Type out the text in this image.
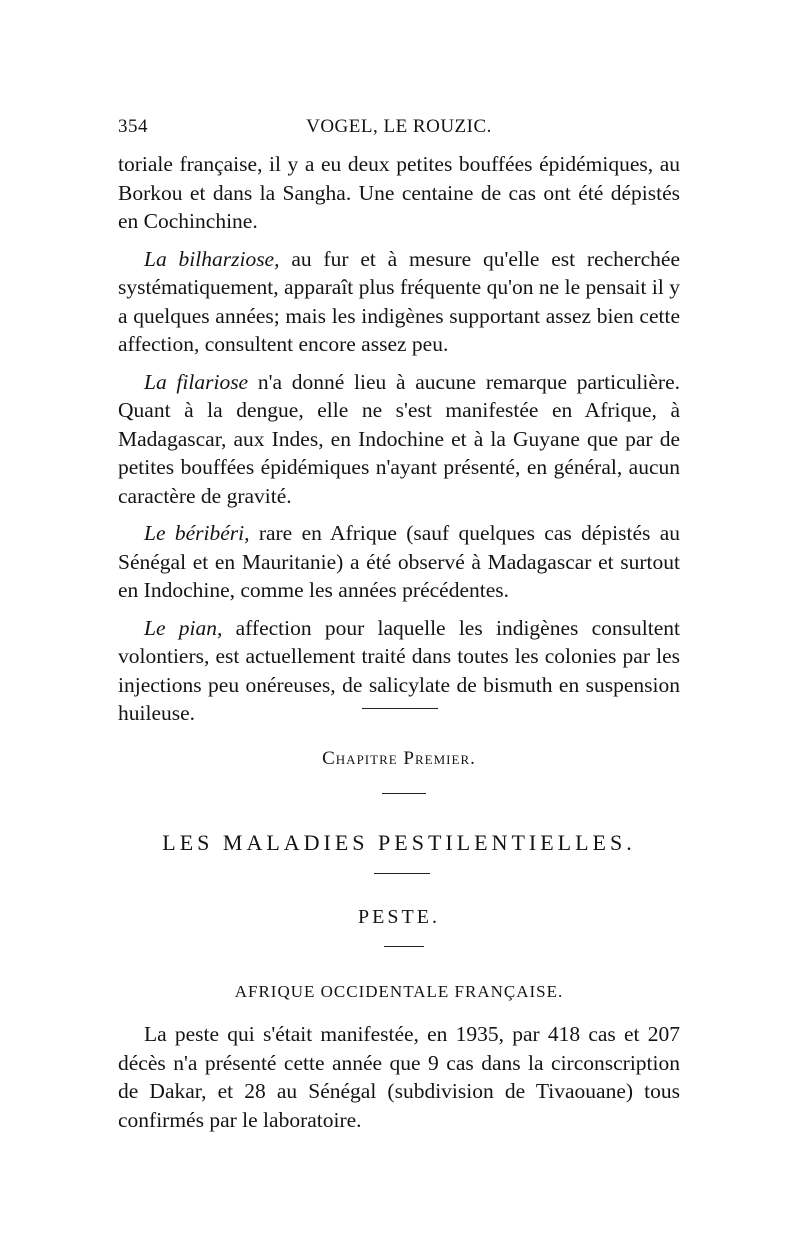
354	VOGEL, LE ROUZIC.

toriale française, il y a eu deux petites bouffées épidémiques, au Borkou et dans la Sangha. Une centaine de cas ont été dépistés en Cochinchine.

La bilharziose, au fur et à mesure qu'elle est recherchée systématiquement, apparaît plus fréquente qu'on ne le pensait il y a quelques années; mais les indigènes supportant assez bien cette affection, consultent encore assez peu.

La filariose n'a donné lieu à aucune remarque particulière. Quant à la dengue, elle ne s'est manifestée en Afrique, à Madagascar, aux Indes, en Indochine et à la Guyane que par de petites bouffées épidémiques n'ayant présenté, en général, aucun caractère de gravité.

Le béribéri, rare en Afrique (sauf quelques cas dépistés au Sénégal et en Mauritanie) a été observé à Madagascar et surtout en Indochine, comme les années précédentes.

Le pian, affection pour laquelle les indigènes consultent volontiers, est actuellement traité dans toutes les colonies par les injections peu onéreuses, de salicylate de bismuth en suspension huileuse.

Chapitre Premier.
LES MALADIES PESTILENTIELLES.
PESTE.
AFRIQUE OCCIDENTALE FRANÇAISE.

La peste qui s'était manifestée, en 1935, par 418 cas et 207 décès n'a présenté cette année que 9 cas dans la circonscription de Dakar, et 28 au Sénégal (subdivision de Tivaouane) tous confirmés par le laboratoire.
